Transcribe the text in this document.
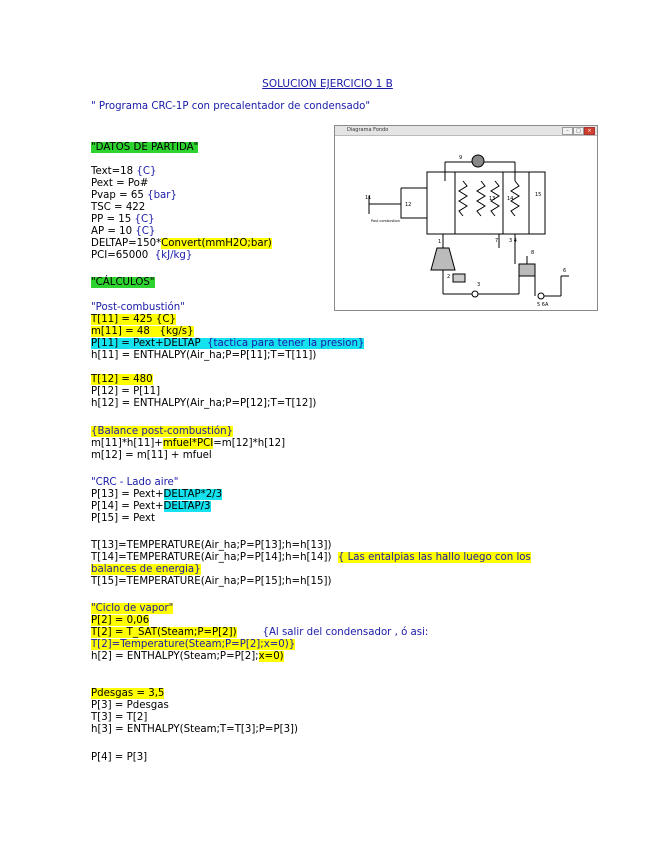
SOLUCION EJERCICIO 1 B
" Programa CRC-1P con precalentador de condensado"
Diagrama Fondo	–	□	×
11
12
9
13 14
15
1
2
7 3 4
8
3
6
5 6A
Post combustion
"DATOS DE PARTIDA"
Text=18 {C}
Pext = Po#
Pvap = 65 {bar}
TSC = 422
PP = 15 {C}
AP = 10 {C}
DELTAP=150*Convert(mmH2O;bar)
PCI=65000  {kJ/kg}
"CÁLCULOS"
"Post-combustión"
T[11] = 425 {C}
m[11] = 48   {kg/s}
P[11] = Pext+DELTAP  {tactica para tener la presion}
h[11] = ENTHALPY(Air_ha;P=P[11];T=T[11])
T[12] = 480
P[12] = P[11]
h[12] = ENTHALPY(Air_ha;P=P[12];T=T[12])
{Balance post-combustión}
m[11]*h[11]+mfuel*PCI=m[12]*h[12]
m[12] = m[11] + mfuel
"CRC - Lado aire"
P[13] = Pext+DELTAP*2/3
P[14] = Pext+DELTAP/3
P[15] = Pext
T[13]=TEMPERATURE(Air_ha;P=P[13];h=h[13])
T[14]=TEMPERATURE(Air_ha;P=P[14];h=h[14])  { Las entalpias las hallo luego con los
balances de energia}
T[15]=TEMPERATURE(Air_ha;P=P[15];h=h[15])
"Ciclo de vapor"
P[2] = 0,06
T[2] = T_SAT(Steam;P=P[2])        {Al salir del condensador , ó asi:
T[2]=Temperature(Steam;P=P[2];x=0)}
h[2] = ENTHALPY(Steam;P=P[2];x=0)
Pdesgas = 3,5
P[3] = Pdesgas
T[3] = T[2]
h[3] = ENTHALPY(Steam;T=T[3];P=P[3])
P[4] = P[3]
